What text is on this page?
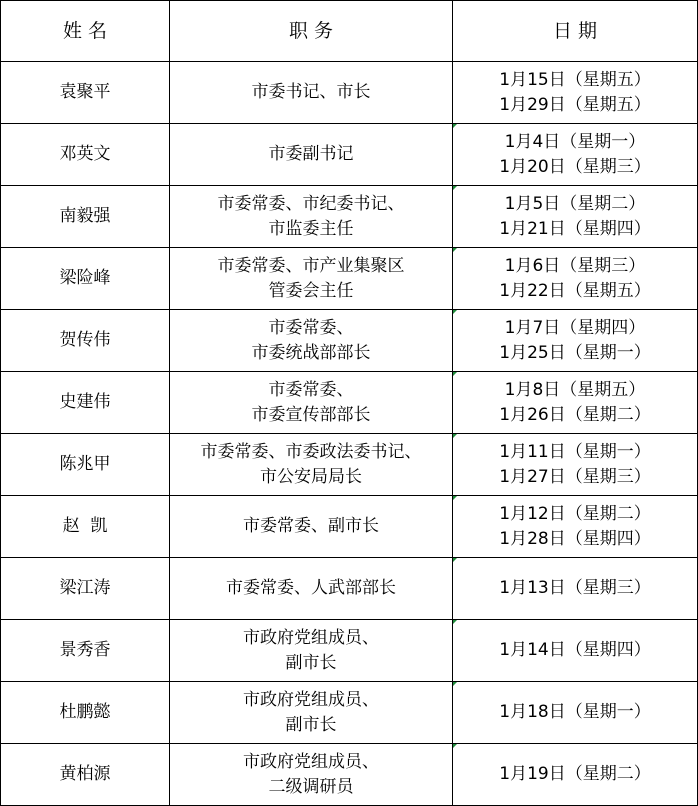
姓 名	职 务	日 期
袁聚平	市委书记、市长	1月15日（星期五）
1月29日（星期五）

邓英文	市委副书记	1月4日（星期一）
1月20日（星期三）

南毅强	市委常委、市纪委书记、
市监委主任	1月5日（星期二）
1月21日（星期四）

梁险峰	市委常委、市产业集聚区
管委会主任	1月6日（星期三）
1月22日（星期五）

贺传伟	市委常委、
市委统战部部长	1月7日（星期四）
1月25日（星期一）

史建伟	市委常委、
市委宣传部部长	1月8日（星期五）
1月26日（星期二）

陈兆甲	市委常委、市委政法委书记、
市公安局局长	1月11日（星期一）
1月27日（星期三）

赵  凯	市委常委、副市长	1月12日（星期二）
1月28日（星期四）

梁江涛	市委常委、人武部部长	1月13日（星期三）

景秀香	市政府党组成员、
副市长	1月14日（星期四）

杜鹏懿	市政府党组成员、
副市长	1月18日（星期一）

黄柏源	市政府党组成员、
二级调研员	1月19日（星期二）
